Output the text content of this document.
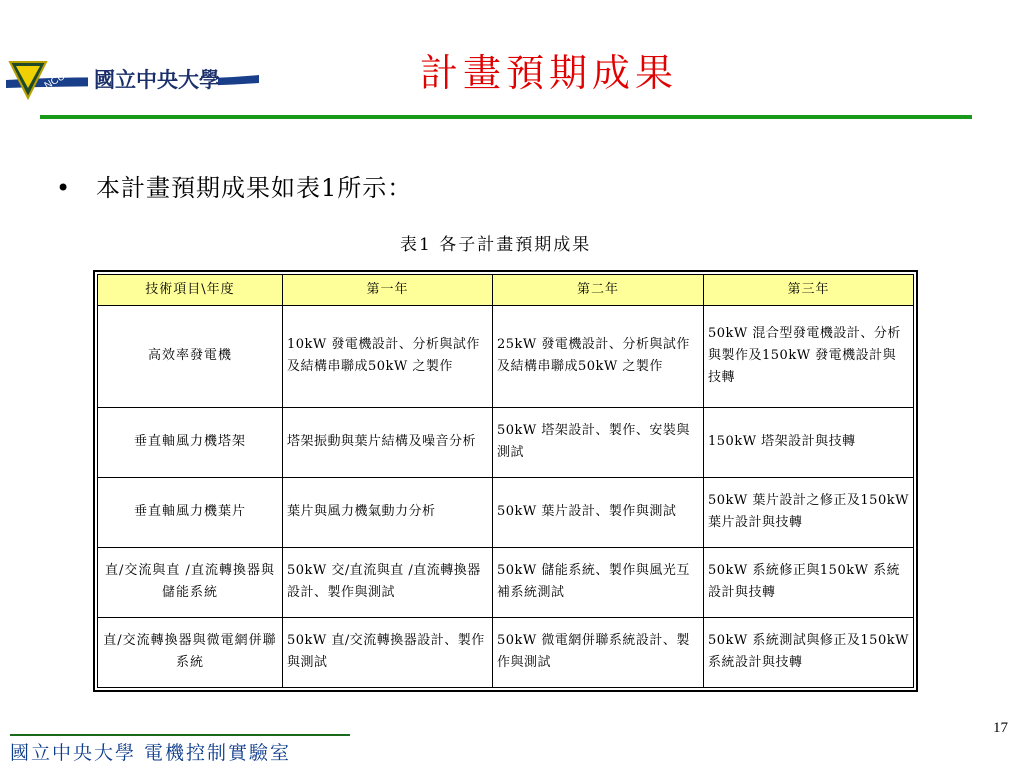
NCU 國立中央大學	計畫預期成果
•	本計畫預期成果如表1所示：
表1 各子計畫預期成果
技術項目\年度	第一年	第二年	第三年
高效率發電機	10kW 發電機設計、分析與試作及結構串聯成50kW 之製作	25kW 發電機設計、分析與試作及結構串聯成50kW 之製作	50kW 混合型發電機設計、分析與製作及150kW 發電機設計與技轉
垂直軸風力機塔架	塔架振動與葉片結構及噪音分析	50kW 塔架設計、製作、安裝與測試	150kW 塔架設計與技轉
垂直軸風力機葉片	葉片與風力機氣動力分析	50kW 葉片設計、製作與測試	50kW 葉片設計之修正及150kW 葉片設計與技轉
直/交流與直 /直流轉換器與儲能系統	50kW 交/直流與直 /直流轉換器設計、製作與測試	50kW 儲能系統、製作與風光互補系統測試	50kW 系統修正與150kW 系統設計與技轉
直/交流轉換器與微電網併聯系統	50kW 直/交流轉換器設計、製作與測試	50kW 微電網併聯系統設計、製作與測試	50kW 系統測試與修正及150kW 系統設計與技轉
國立中央大學 電機控制實驗室
17
